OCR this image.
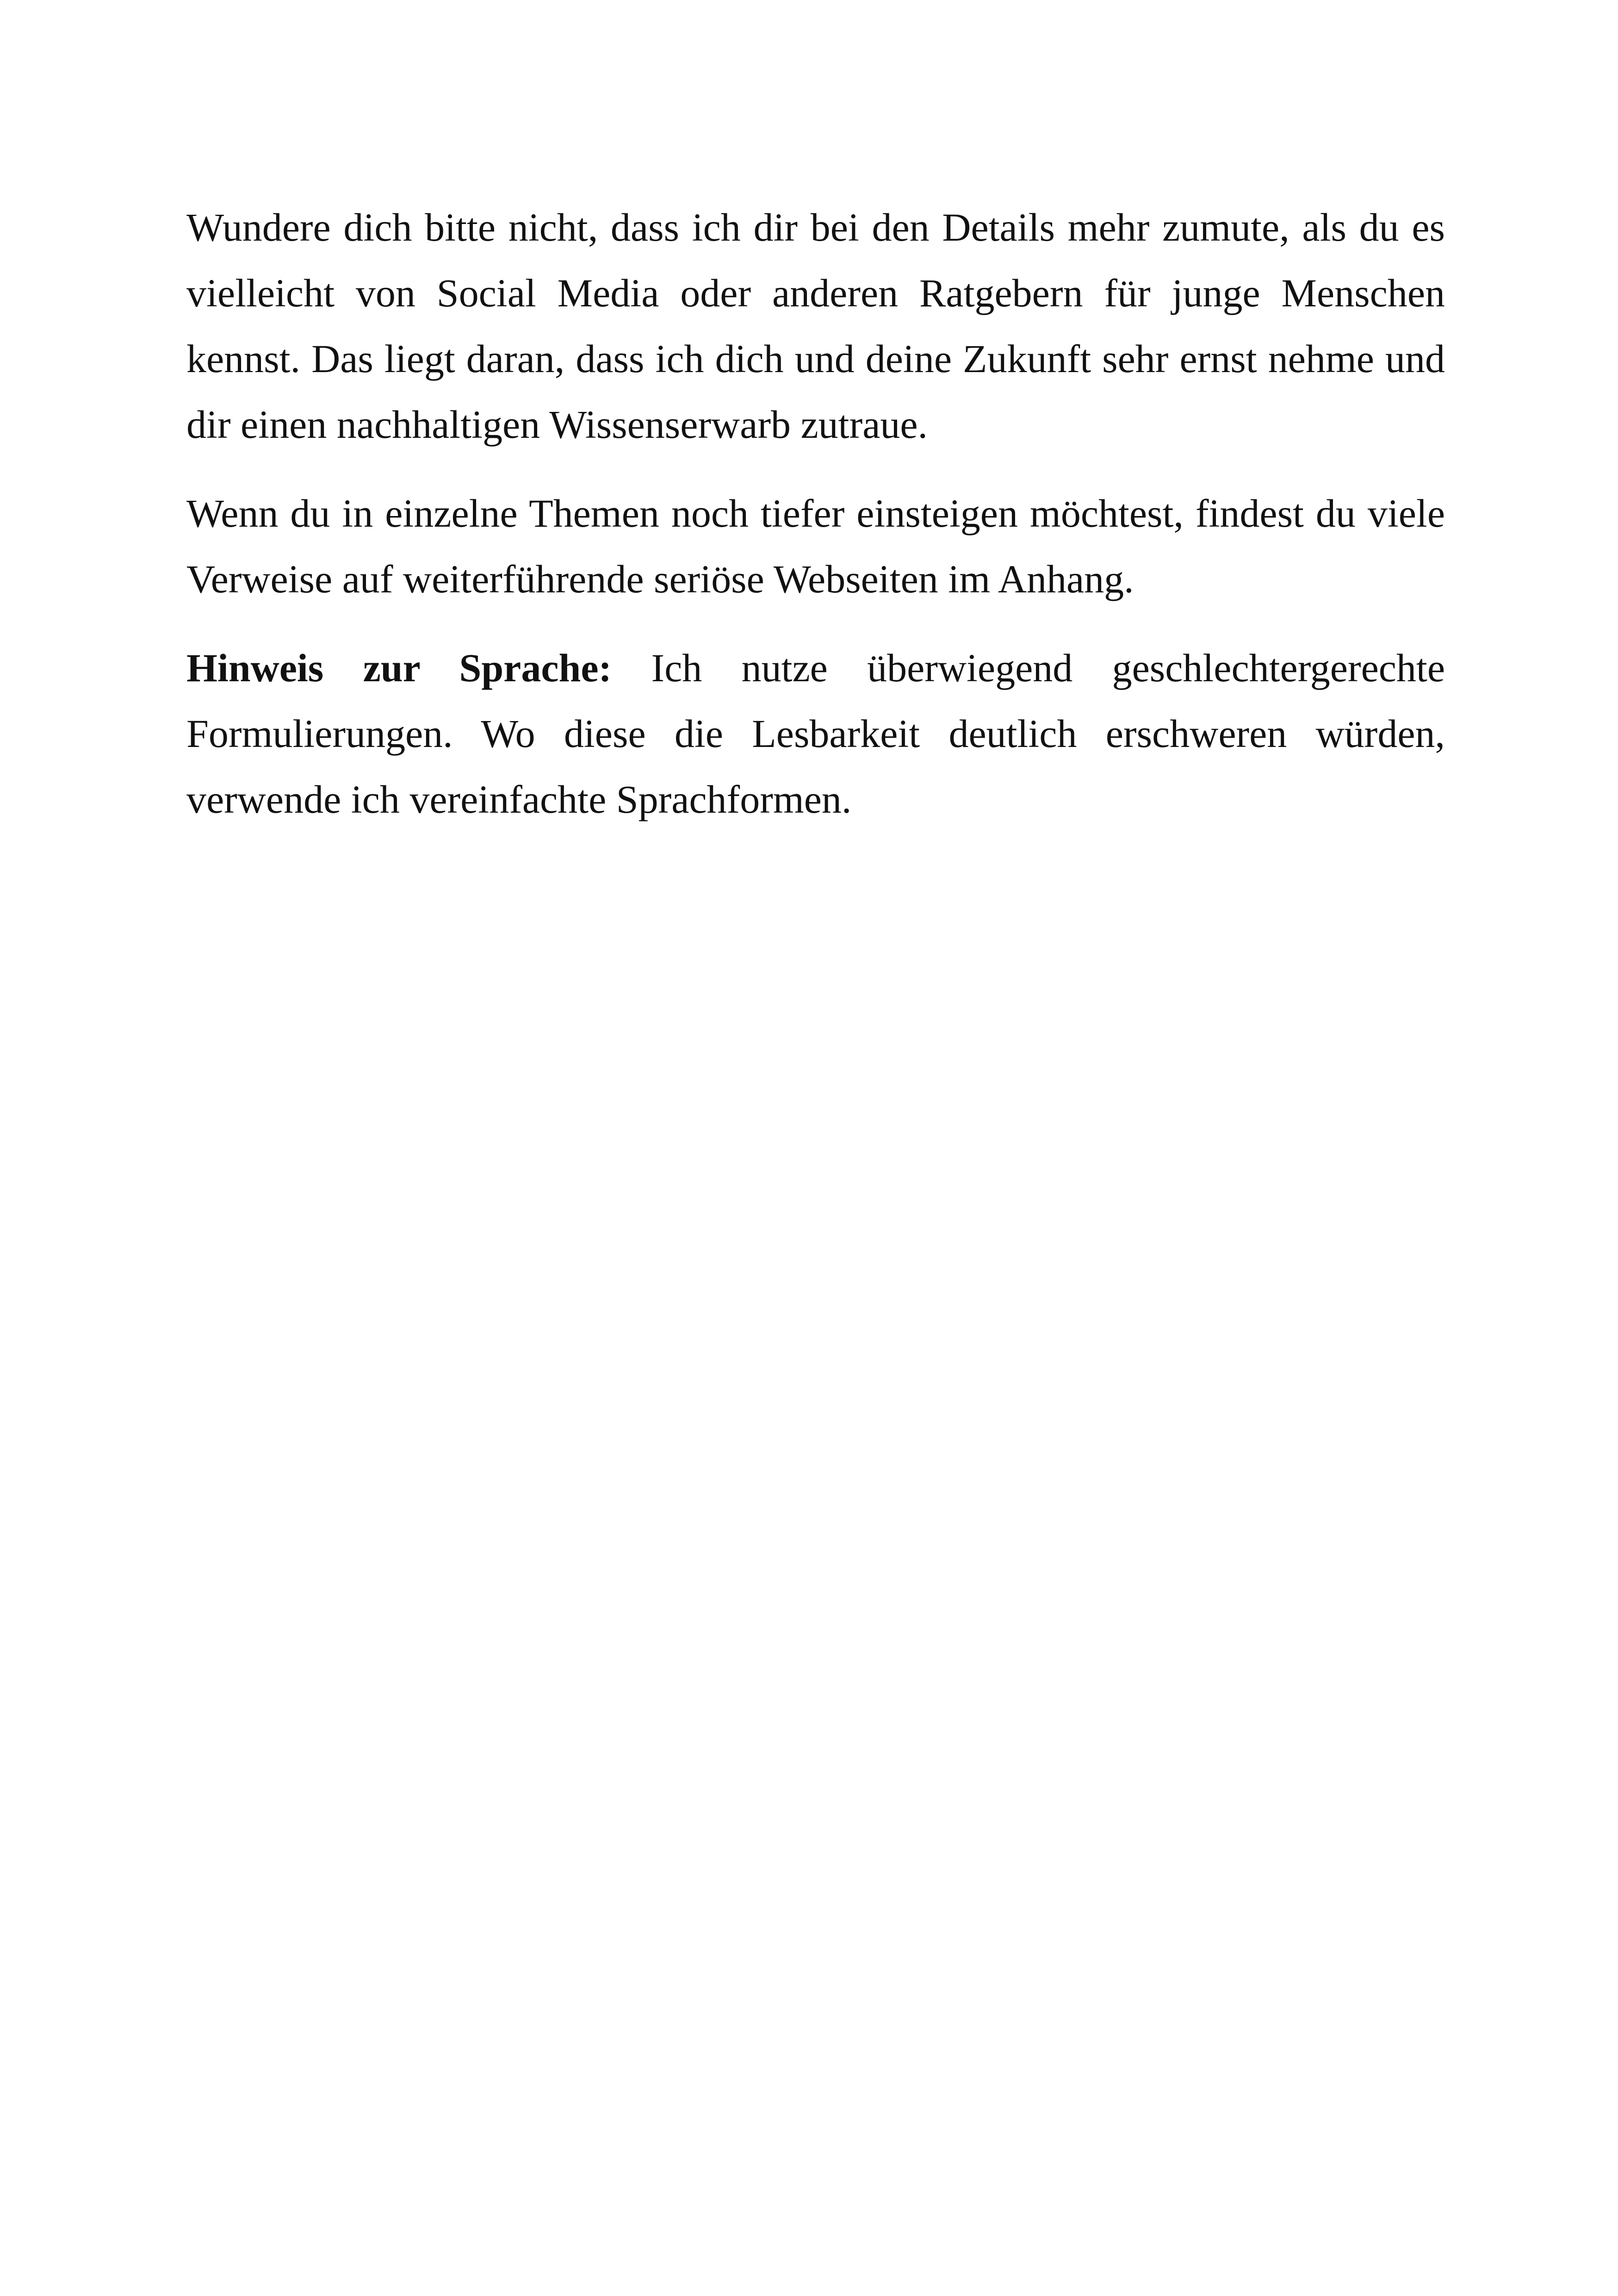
Wundere dich bitte nicht, dass ich dir bei den Details mehr zumute, als du es vielleicht von Social Media oder anderen Ratgebern für junge Menschen kennst. Das liegt daran, dass ich dich und deine Zukunft sehr ernst nehme und dir einen nachhaltigen Wissenserwarb zutraue.

Wenn du in einzelne Themen noch tiefer einsteigen möchtest, findest du viele Verweise auf weiterführende seriöse Webseiten im Anhang.

Hinweis zur Sprache: Ich nutze überwiegend geschlechtergerechte Formulierungen. Wo diese die Lesbarkeit deutlich erschweren würden, verwende ich vereinfachte Sprachformen.
